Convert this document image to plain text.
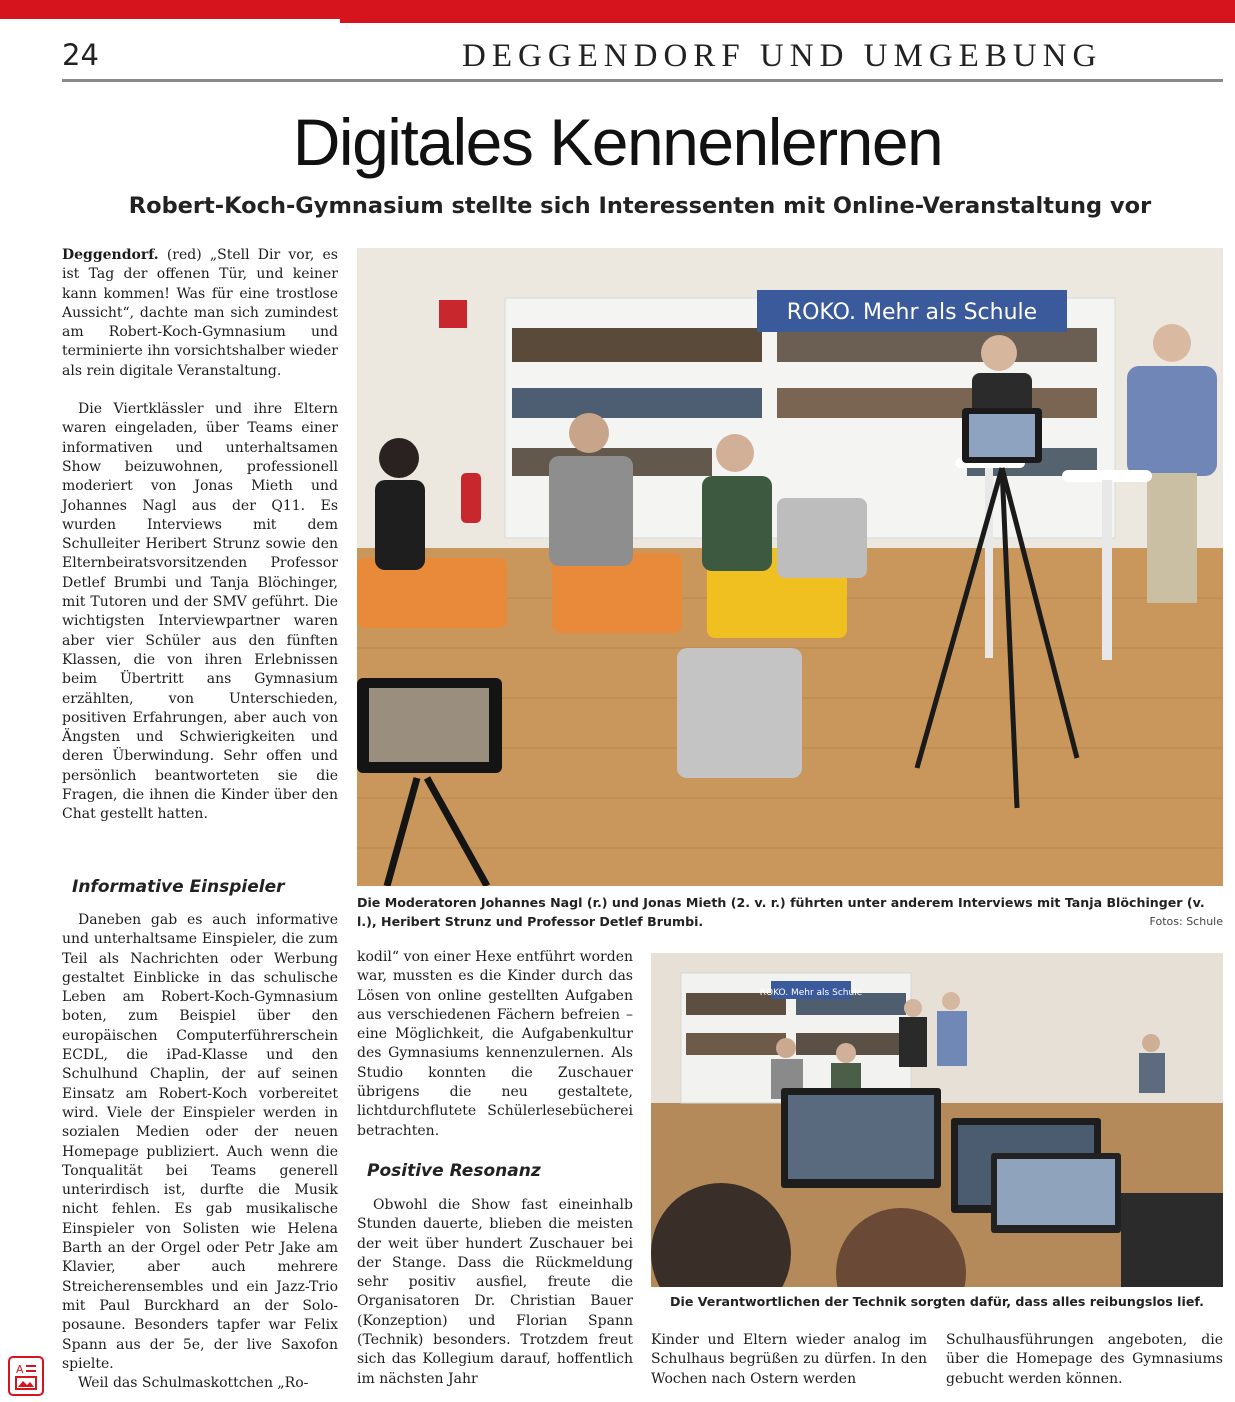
24	DEGGENDORF UND UMGEBUNG
Digitales Kennenlernen
Robert-Koch-Gymnasium stellte sich Interessenten mit Online-Veranstaltung vor

Deggendorf. (red) „Stell Dir vor, es ist Tag der offenen Tür, und keiner kann kommen! Was für eine trostlose Aussicht“, dachte man sich zumindest am Robert-Koch-Gymnasium und terminierte ihn vorsichtshalber wieder als rein digitale Veranstaltung.

Die Viertklässler und ihre Eltern waren eingeladen, über Teams einer informativen und unterhaltsamen Show beizuwohnen, professionell moderiert von Jonas Mieth und Johannes Nagl aus der Q11. Es wurden Interviews mit dem Schulleiter Heribert Strunz sowie den Elternbeiratsvorsitzenden Professor Detlef Brumbi und Tanja Blöchinger, mit Tutoren und der SMV geführt. Die wichtigsten Interviewpartner waren aber vier Schüler aus den fünften Klassen, die von ihren Erlebnissen beim Übertritt ans Gymnasium erzählten, von Unterschieden, positiven Erfahrungen, aber auch von Ängsten und Schwierigkeiten und deren Überwindung. Sehr offen und persönlich beantworteten sie die Fragen, die ihnen die Kinder über den Chat gestellt hatten.

Informative Einspieler

Daneben gab es auch informative und unterhaltsame Einspieler, die zum Teil als Nachrichten oder Werbung gestaltet Einblicke in das schulische Leben am Robert-Koch-Gymnasium boten, zum Beispiel über den europäischen Computerführerschein ECDL, die iPad-Klasse und den Schulhund Chaplin, der auf seinen Einsatz am Robert-Koch vorbereitet wird. Viele der Einspieler werden in sozialen Medien oder der neuen Homepage publiziert. Auch wenn die Tonqualität bei Teams generell unterirdisch ist, durfte die Musik nicht fehlen. Es gab musikalische Einspieler von Solisten wie Helena Barth an der Orgel oder Petr Jake am Klavier, aber auch mehrere Streicherensembles und ein Jazz-Trio mit Paul Burckhard an der Soloposaune. Besonders tapfer war Felix Spann aus der 5e, der live Saxofon spielte.

Weil das Schulmaskottchen „Ro-

ROKO. Mehr als Schule
Die Moderatoren Johannes Nagl (r.) und Jonas Mieth (2. v. r.) führten unter anderem Interviews mit Tanja Blöchinger (v. l.), Heribert Strunz und Professor Detlef Brumbi.	Fotos: Schule

kodil“ von einer Hexe entführt worden war, mussten es die Kinder durch das Lösen von online gestellten Aufgaben aus verschiedenen Fächern befreien – eine Möglichkeit, die Aufgabenkultur des Gymnasiums kennenzulernen. Als Studio konnten die Zuschauer übrigens die neu gestaltete, lichtdurchflutete Schülerlesebücherei betrachten.

Positive Resonanz

Obwohl die Show fast eineinhalb Stunden dauerte, blieben die meisten der weit über hundert Zuschauer bei der Stange. Dass die Rückmeldung sehr positiv ausfiel, freute die Organisatoren Dr. Christian Bauer (Konzeption) und Florian Spann (Technik) besonders. Trotzdem freut sich das Kollegium darauf, hoffentlich im nächsten Jahr

ROKO. Mehr als Schule
Die Verantwortlichen der Technik sorgten dafür, dass alles reibungslos lief.

Kinder und Eltern wieder analog im Schulhaus begrüßen zu dürfen. In den Wochen nach Ostern werden

Schulhausführungen angeboten, die über die Homepage des Gymnasiums gebucht werden können.

A
